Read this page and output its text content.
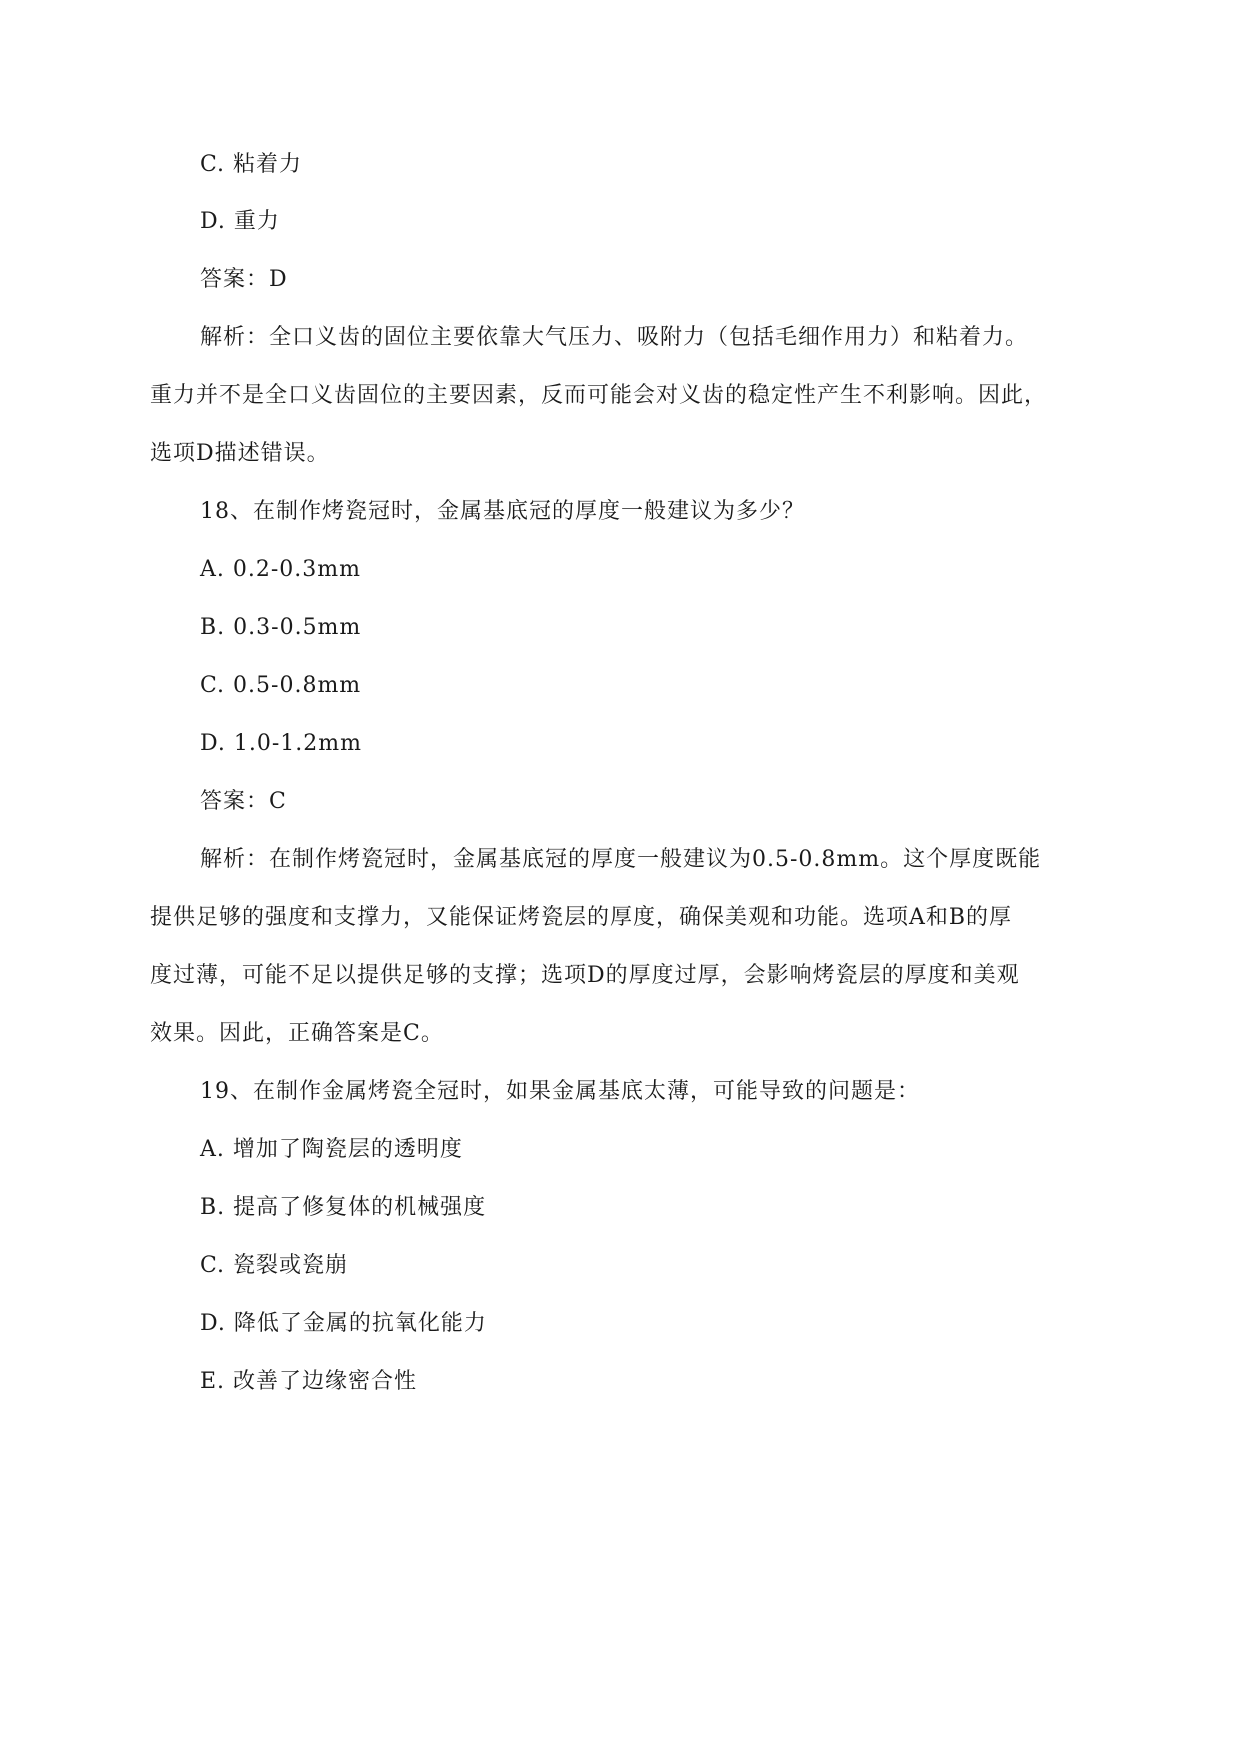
C. 粘着力
D. 重力
答案：D
解析：全口义齿的固位主要依靠大气压力、吸附力（包括毛细作用力）和粘着力。
重力并不是全口义齿固位的主要因素，反而可能会对义齿的稳定性产生不利影响。因此，
选项D描述错误。
18、在制作烤瓷冠时，金属基底冠的厚度一般建议为多少？
A. 0.2-0.3mm
B. 0.3-0.5mm
C. 0.5-0.8mm
D. 1.0-1.2mm
答案：C
解析：在制作烤瓷冠时，金属基底冠的厚度一般建议为0.5-0.8mm。这个厚度既能
提供足够的强度和支撑力，又能保证烤瓷层的厚度，确保美观和功能。选项A和B的厚
度过薄，可能不足以提供足够的支撑；选项D的厚度过厚，会影响烤瓷层的厚度和美观
效果。因此，正确答案是C。
19、在制作金属烤瓷全冠时，如果金属基底太薄，可能导致的问题是：
A. 增加了陶瓷层的透明度
B. 提高了修复体的机械强度
C. 瓷裂或瓷崩
D. 降低了金属的抗氧化能力
E. 改善了边缘密合性
